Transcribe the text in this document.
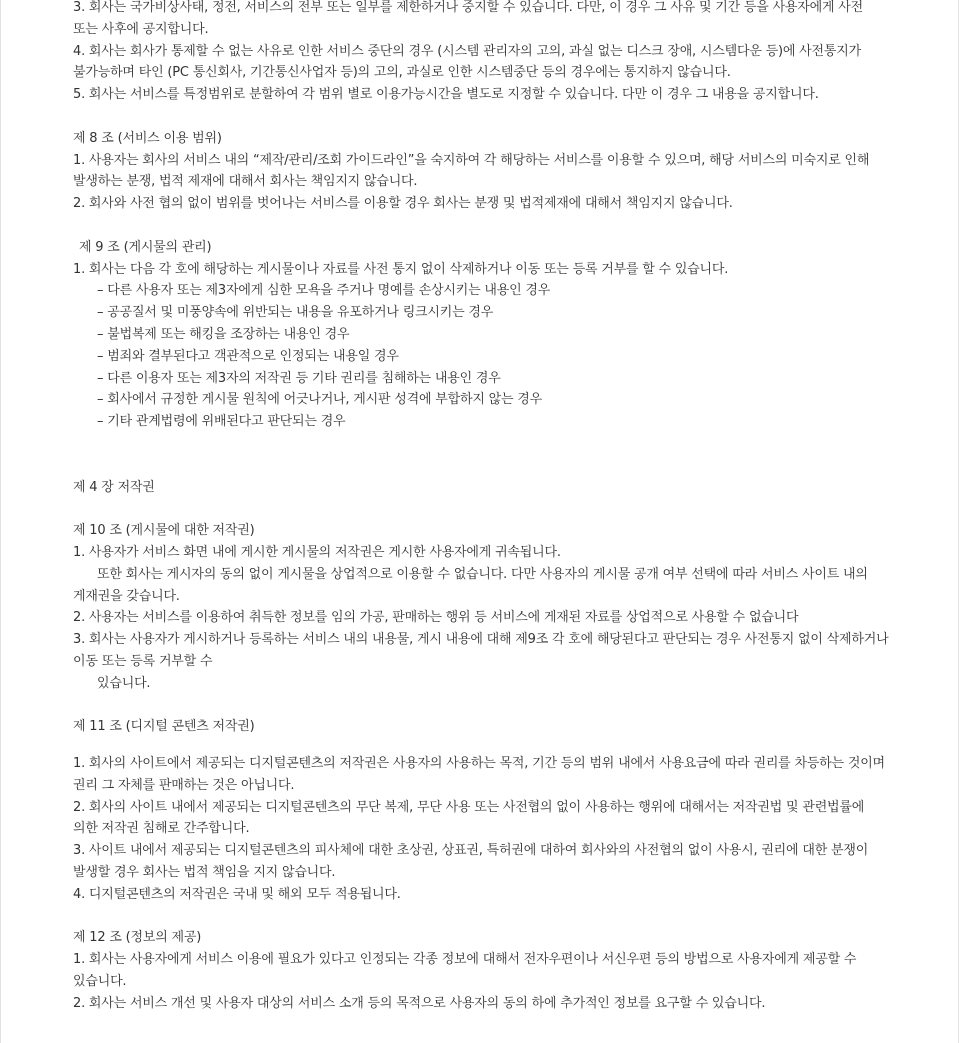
3. 회사는 국가비상사태, 정전, 서비스의 전부 또는 일부를 제한하거나 중지할 수 있습니다. 다만, 이 경우 그 사유 및 기간 등을 사용자에게 사전 또는 사후에 공지합니다.

4. 회사는 회사가 통제할 수 없는 사유로 인한 서비스 중단의 경우 (시스템 관리자의 고의, 과실 없는 디스크 장애, 시스템다운 등)에 사전통지가 불가능하며 타인 (PC 통신회사, 기간통신사업자 등)의 고의, 과실로 인한 시스템중단 등의 경우에는 통지하지 않습니다.

5. 회사는 서비스를 특정범위로 분할하여 각 범위 별로 이용가능시간을 별도로 지정할 수 있습니다. 다만 이 경우 그 내용을 공지합니다.

제 8 조 (서비스 이용 범위)

1. 사용자는 회사의 서비스 내의 “제작/관리/조회 가이드라인”을 숙지하여 각 해당하는 서비스를 이용할 수 있으며, 해당 서비스의 미숙지로 인해 발생하는 분쟁, 법적 제재에 대해서 회사는 책임지지 않습니다.

2. 회사와 사전 협의 없이 범위를 벗어나는 서비스를 이용할 경우 회사는 분쟁 및 법적제재에 대해서 책임지지 않습니다.

제 9 조 (게시물의 관리)

1. 회사는 다음 각 호에 해당하는 게시물이나 자료를 사전 통지 없이 삭제하거나 이동 또는 등록 거부를 할 수 있습니다.

– 다른 사용자 또는 제3자에게 심한 모욕을 주거나 명예를 손상시키는 내용인 경우

– 공공질서 및 미풍양속에 위반되는 내용을 유포하거나 링크시키는 경우

– 불법복제 또는 해킹을 조장하는 내용인 경우

– 범죄와 결부된다고 객관적으로 인정되는 내용일 경우

– 다른 이용자 또는 제3자의 저작권 등 기타 권리를 침해하는 내용인 경우

– 회사에서 규정한 게시물 원칙에 어긋나거나, 게시판 성격에 부합하지 않는 경우

– 기타 관계법령에 위배된다고 판단되는 경우

제 4 장 저작권

제 10 조 (게시물에 대한 저작권)

1. 사용자가 서비스 화면 내에 게시한 게시물의 저작권은 게시한 사용자에게 귀속됩니다.

또한 회사는 게시자의 동의 없이 게시물을 상업적으로 이용할 수 없습니다. 다만 사용자의 게시물 공개 여부 선택에 따라 서비스 사이트 내의 게재권을 갖습니다.

2. 사용자는 서비스를 이용하여 취득한 정보를 임의 가공, 판매하는 행위 등 서비스에 게재된 자료를 상업적으로 사용할 수 없습니다

3. 회사는 사용자가 게시하거나 등록하는 서비스 내의 내용물, 게시 내용에 대해 제9조 각 호에 해당된다고 판단되는 경우 사전통지 없이 삭제하거나 이동 또는 등록 거부할 수

있습니다.

제 11 조 (디지털 콘텐츠 저작권)

1. 회사의 사이트에서 제공되는 디지털콘텐츠의 저작권은 사용자의 사용하는 목적, 기간 등의 범위 내에서 사용요금에 따라 권리를 차등하는 것이며 권리 그 자체를 판매하는 것은 아닙니다.

2. 회사의 사이트 내에서 제공되는 디지털콘텐츠의 무단 복제, 무단 사용 또는 사전협의 없이 사용하는 행위에 대해서는 저작권법 및 관련법률에 의한 저작권 침해로 간주합니다.

3. 사이트 내에서 제공되는 디지털콘텐츠의 피사체에 대한 초상권, 상표권, 특허권에 대하여 회사와의 사전협의 없이 사용시, 권리에 대한 분쟁이 발생할 경우 회사는 법적 책임을 지지 않습니다.

4. 디지털콘텐츠의 저작권은 국내 및 해외 모두 적용됩니다.

제 12 조 (정보의 제공)

1. 회사는 사용자에게 서비스 이용에 필요가 있다고 인정되는 각종 정보에 대해서 전자우편이나 서신우편 등의 방법으로 사용자에게 제공할 수 있습니다.

2. 회사는 서비스 개선 및 사용자 대상의 서비스 소개 등의 목적으로 사용자의 동의 하에 추가적인 정보를 요구할 수 있습니다.
